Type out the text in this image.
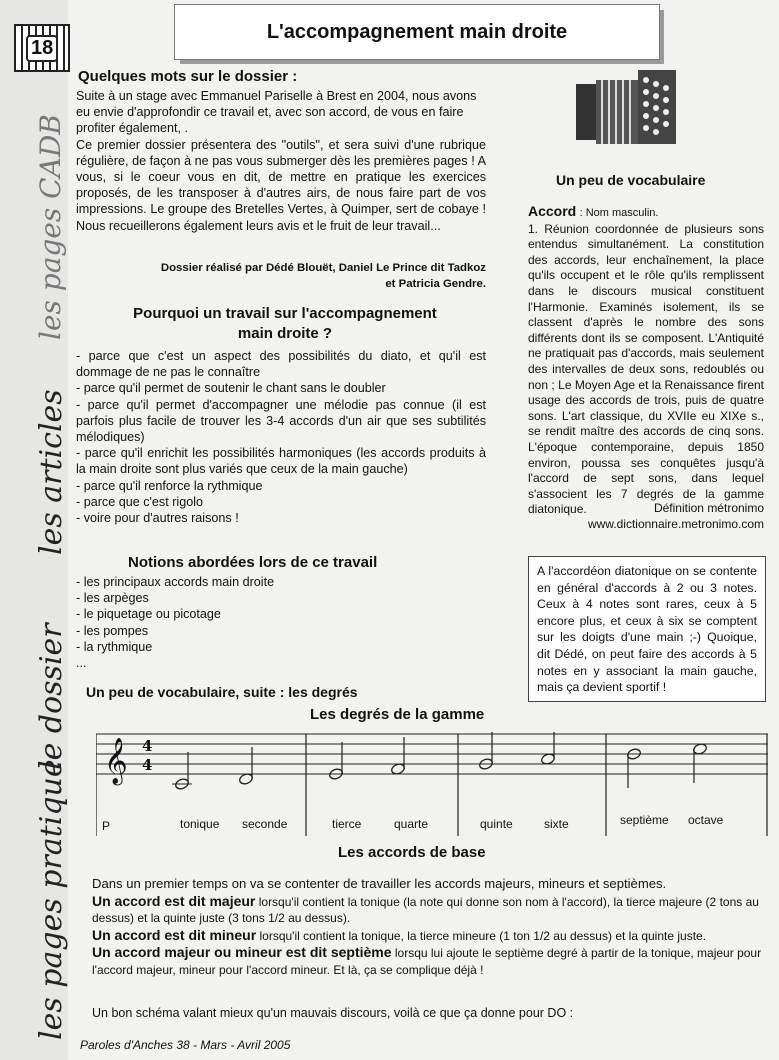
18
les pages CADB
les articles
le dossier
les pages pratique
L'accompagnement main droite
Quelques mots sur le dossier :
Suite à un stage avec Emmanuel Pariselle à Brest en 2004, nous avons eu envie d'approfondir ce travail et, avec son accord, de vous en faire profiter également, .
Ce premier dossier présentera des "outils", et sera suivi d'une rubrique régulière, de façon à ne pas vous submerger dès les premières pages ! A vous, si le coeur vous en dit, de mettre en pratique les exercices proposés, de les transposer à d'autres airs, de nous faire part de vos impressions. Le groupe des Bretelles Vertes, à Quimper, sert de cobaye ! Nous recueillerons également leurs avis et le fruit de leur travail...
Dossier réalisé par Dédé Blouët, Daniel Le Prince dit Tadkoz
et Patricia Gendre.
Un peu de vocabulaire
Accord : Nom masculin.
1. Réunion coordonnée de plusieurs sons entendus simultanément. La constitution des accords, leur enchaînement, la place qu'ils occupent et le rôle qu'ils remplissent dans le discours musical constituent l'Harmonie. Examinés isolement, ils se classent d'après le nombre des sons différents dont ils se composent. L'Antiquité ne pratiquait pas d'accords, mais seulement des intervalles de deux sons, redoublés ou non ; Le Moyen Age et la Renaissance firent usage des accords de trois, puis de quatre sons. L'art classique, du XVIIe eu XIXe s., se rendit maître des accords de cinq sons. L'époque contemporaine, depuis 1850 environ, poussa ses conquêtes jusqu'à l'accord de sept sons, dans lequel s'associent les 7 degrés de la gamme diatonique.	Définition métronimo
www.dictionnaire.metronimo.com
Pourquoi un travail sur l'accompagnement
main droite ?
- parce que c'est un aspect des possibilités du diato, et qu'il est dommage de ne pas le connaître
- parce qu'il permet de soutenir le chant sans le doubler
- parce qu'il permet d'accompagner une mélodie pas connue (il est parfois plus facile de trouver les 3-4 accords d'un air que ses subtilités mélodiques)
- parce qu'il enrichit les possibilités harmoniques (les accords produits à la main droite sont plus variés que ceux de la main gauche)
- parce qu'il renforce la rythmique
- parce que c'est rigolo
- voire pour d'autres raisons !
Notions abordées lors de ce travail
- les principaux accords main droite
- les arpèges
- le piquetage ou picotage
- les pompes
- la rythmique
...
A l'accordéon diatonique on se contente en général d'accords à 2 ou 3 notes. Ceux à 4 notes sont rares, ceux à 5 encore plus, et ceux à six se comptent sur les doigts d'une main ;-) Quoique, dit Dédé, on peut faire des accords à 5 notes en y associant la main gauche, mais ça devient sportif !
Un peu de vocabulaire, suite : les degrés
Les degrés de la gamme
𝄞 4
4
P	tonique seconde	tierce	quarte	quinte	sixte	septième octave
Les accords de base
Dans un premier temps on va se contenter de travailler les accords majeurs, mineurs et septièmes.
Un accord est dit majeur lorsqu'il contient la tonique (la note qui donne son nom à l'accord), la tierce majeure (2 tons au dessus) et la quinte juste (3 tons 1/2 au dessus).
Un accord est dit mineur lorsqu'il contient la tonique, la tierce mineure (1 ton 1/2 au dessus) et la quinte juste.
Un accord majeur ou mineur est dit septième lorsqu lui ajoute le septième degré à partir de la tonique, majeur pour l'accord majeur, mineur pour l'accord mineur. Et là, ça se complique déjà !
Un bon schéma valant mieux qu'un mauvais discours, voilà ce que ça donne pour DO :
Paroles d'Anches 38 - Mars - Avril 2005
